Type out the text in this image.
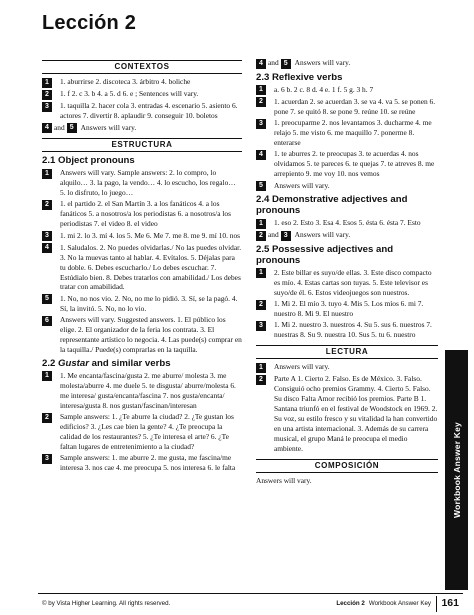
Lección 2
CONTEXTOS
1	1. aburrirse 2. discoteca 3. árbitro 4. boliche
2	1. f 2. c 3. b 4. a 5. d 6. e ; Sentences will vary.
3	1. taquilla 2. hacer cola 3. entradas 4. escenario 5. asiento 6. actores 7. divertir 8. aplaudir 9. conseguir 10. boletos
4 and 5 Answers will vary.
ESTRUCTURA
2.1 Object pronouns
1	Answers will vary. Sample answers: 2. lo compro, lo alquilo… 3. la pago, la vendo… 4. lo escucho, los regalo… 5. lo disfruto, lo juego…
2	1. el partido 2. el San Martín 3. a los fanáticos 4. a los fanáticos 5. a nosotros/a los periodistas 6. a nosotros/a los periodistas 7. el video 8. el video
3	1. mi 2. lo 3. mí 4. los 5. Me 6. Me 7. me 8. me 9. mí 10. nos
4	1. Saludalos. 2. No puedes olvidarlas./ No las puedes olvidar. 3. No la muevas tanto al hablar. 4. Evítalos. 5. Déjalas para tu doble. 6. Debes escucharlo./ Lo debes escuchar. 7. Estúdialo bien. 8. Debes tratarlos con amabilidad./ Los debes tratar con amabilidad.
5	1. No, no nos vio. 2. No, no me lo pidió. 3. Sí, se la pagó. 4. Sí, la invitó. 5. No, no lo vio.
6	Answers will vary. Suggested answers. 1. El público los elige. 2. El organizador de la feria los contrata. 3. El representante artístico lo negocia. 4. Las puede(s) comprar en la taquilla./ Puede(s) comprarlas en la taquilla.
2.2 Gustar and similar verbs
1	1. Me encanta/fascina/gusta 2. me aburre/ molesta 3. me molesta/aburre 4. me duele 5. te disgusta/ aburre/molesta 6. me interesa/ gusta/encanta/fascina 7. nos gusta/encanta/ interesa/gusta 8. nos gustan/fascinan/interesan
2	Sample answers: 1. ¿Te aburre la ciudad? 2. ¿Te gustan los edificios? 3. ¿Les cae bien la gente? 4. ¿Te preocupa la calidad de los restaurantes? 5. ¿Te interesa el arte? 6. ¿Te faltan lugares de entretenimiento a la ciudad?
3	Sample answers: 1. me aburre 2. me gusta, me fascina/me interesa 3. nos cae 4. me preocupa 5. nos interesa 6. le falta
4 and 5 Answers will vary.
2.3 Reflexive verbs
1	a. 6 b. 2 c. 8 d. 4 e. 1 f. 5 g. 3 h. 7
2	1. acuerdan 2. se acuerdan 3. se va 4. va 5. se ponen 6. pone 7. se quitó 8. se pone 9. reúne 10. se reúne
3	1. preocuparme 2. nos levantamos 3. ducharme 4. me relajo 5. me visto 6. me maquillo 7. ponerme 8. enterarse
4	1. te aburres 2. te preocupas 3. te acuerdas 4. nos olvidamos 5. te pareces 6. te quejas 7. te atreves 8. me arrepiento 9. me voy 10. nos vemos
5	Answers will vary.
2.4 Demonstrative adjectives and pronouns
1	1. eso 2. Esto 3. Esa 4. Esos 5. ésta 6. ésta 7. Esto
2 and 3 Answers will vary.
2.5 Possessive adjectives and pronouns
1	2. Este billar es suyo/de ellas. 3. Este disco compacto es mío. 4. Estas cartas son tuyas. 5. Este televisor es suyo/de él. 6. Estos videojuegos son nuestros.
2	1. Mi 2. El mío 3. tuyo 4. Mis 5. Los míos 6. mi 7. nuestro 8. Mi 9. El nuestro
3	1. Mi 2. nuestro 3. nuestros 4. Su 5. sus 6. nuestros 7. nuestras 8. Su 9. nuestra 10. Sus 5. tu 6. nuestro
LECTURA
1	Answers will vary.
2	Parte A 1. Cierto 2. Falso. Es de México. 3. Falso. Consiguió ocho premios Grammy. 4. Cierto 5. Falso. Su disco Falta Amor recibió los premios. Parte B 1. Santana triunfó en el festival de Woodstock en 1969. 2. Su voz, su estilo fresco y su vitalidad la han convertido en una artista internacional. 3. Además de su carrera musical, el grupo Maná le preocupa el medio ambiente.
COMPOSICIÓN
Answers will vary.	Workbook Answer Key
© by Vista Higher Learning. All rights reserved.	Lección 2 Workbook Answer Key 161
